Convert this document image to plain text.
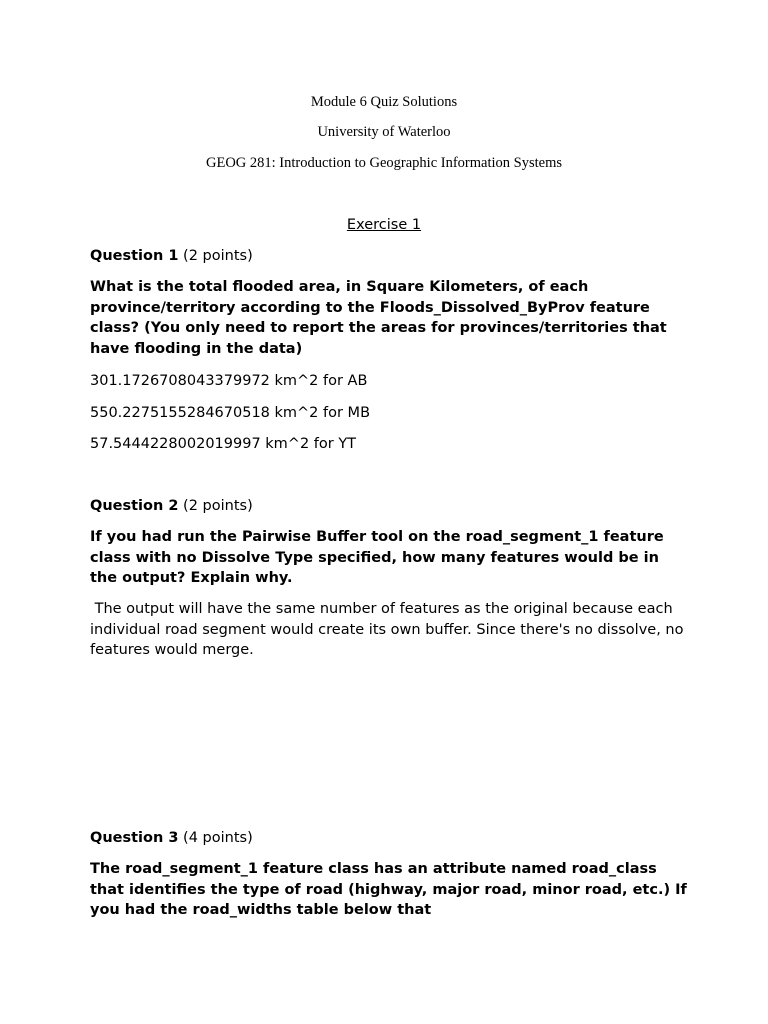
Module 6 Quiz Solutions
University of Waterloo
GEOG 281: Introduction to Geographic Information Systems
Exercise 1
Question 1 (2 points)
What is the total flooded area, in Square Kilometers, of each province/territory according to the Floods_Dissolved_ByProv feature class? (You only need to report the areas for provinces/territories that have flooding in the data)
301.1726708043379972 km^2 for AB
550.2275155284670518 km^2 for MB
57.5444228002019997 km^2 for YT
Question 2 (2 points)
If you had run the Pairwise Buffer tool on the road_segment_1 feature class with no Dissolve Type specified, how many features would be in the output? Explain why.
The output will have the same number of features as the original because each individual road segment would create its own buffer. Since there's no dissolve, no features would merge.
Question 3 (4 points)
The road_segment_1 feature class has an attribute named road_class that identifies the type of road (highway, major road, minor road, etc.) If you had the road_widths table below that
